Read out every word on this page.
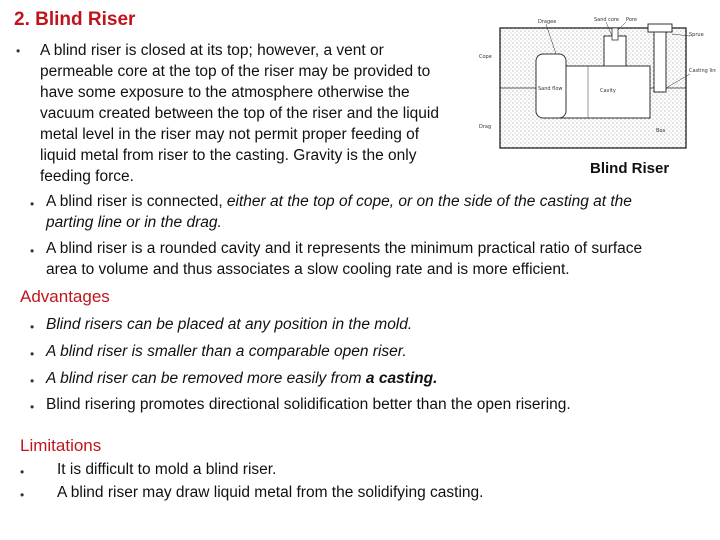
2. Blind Riser
• A blind riser is closed at its top; however, a vent or
permeable core at the top of the riser may be provided to
have some exposure to the atmosphere otherwise the
vacuum created between the top of the riser and the liquid
metal level in the riser may not permit proper feeding of
liquid metal from riser to the casting. Gravity is the only
feeding force.
Dragee	Sand core Pore
Sprue
Casting line
Cope
Drag
Cavity
Sand flow
Box
Blind Riser
• A blind riser is connected, either at the top of cope, or on the side of the casting at the
parting line or in the drag.
• A blind riser is a rounded cavity and it represents the minimum practical ratio of surface
area to volume and thus associates a slow cooling rate and is more efficient.
Advantages
• Blind risers can be placed at any position in the mold.
• A blind riser is smaller than a comparable open riser.
• A blind riser can be removed more easily from a casting.
• Blind risering promotes directional solidification better than the open risering.
Limitations
• It is difficult to mold a blind riser.
• A blind riser may draw liquid metal from the solidifying casting.
